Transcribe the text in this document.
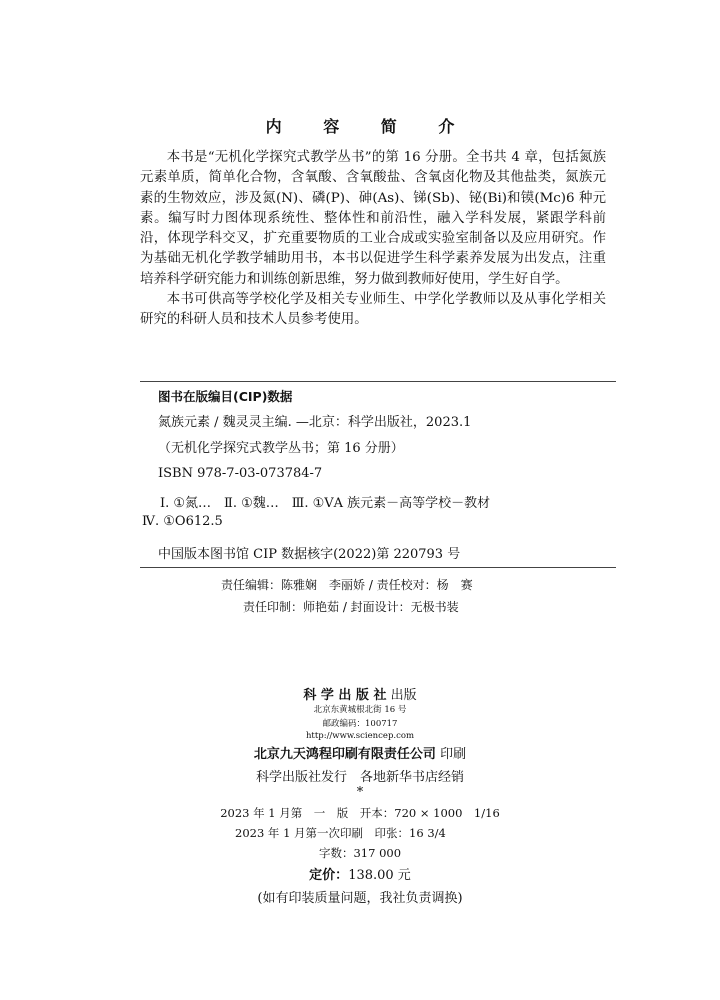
内 容 简 介

本书是“无机化学探究式教学丛书”的第 16 分册。全书共 4 章，包括氮族元素单质，简单化合物，含氧酸、含氧酸盐、含氧卤化物及其他盐类，氮族元素的生物效应，涉及氮(N)、磷(P)、砷(As)、锑(Sb)、铋(Bi)和镆(Mc)6 种元素。编写时力图体现系统性、整体性和前沿性，融入学科发展，紧跟学科前沿，体现学科交叉，扩充重要物质的工业合成或实验室制备以及应用研究。作为基础无机化学教学辅助用书，本书以促进学生科学素养发展为出发点，注重培养科学研究能力和训练创新思维，努力做到教师好使用，学生好自学。

本书可供高等学校化学及相关专业师生、中学化学教师以及从事化学相关研究的科研人员和技术人员参考使用。

图书在版编目(CIP)数据
氮族元素 / 魏灵灵主编. —北京：科学出版社，2023.1
（无机化学探究式教学丛书；第 16 分册）
ISBN 978-7-03-073784-7
Ⅰ. ①氮…　Ⅱ. ①魏…　Ⅲ. ①ⅤA 族元素－高等学校－教材
Ⅳ. ①O612.5
中国版本图书馆 CIP 数据核字(2022)第 220793 号
责任编辑：陈雅娴　李丽娇 / 责任校对：杨　赛
责任印制：师艳茹 / 封面设计：无极书装
科 学 出 版 社 出版
北京东黄城根北街 16 号
邮政编码：100717
http://www.sciencep.com
北京九天鸿程印刷有限责任公司 印刷
科学出版社发行　各地新华书店经销
*
2023 年 1 月第　一　版　开本：720 × 1000　1/16
2023 年 1 月第一次印刷　印张：16 3/4
字数：317 000
定价：138.00 元
(如有印装质量问题，我社负责调换)
